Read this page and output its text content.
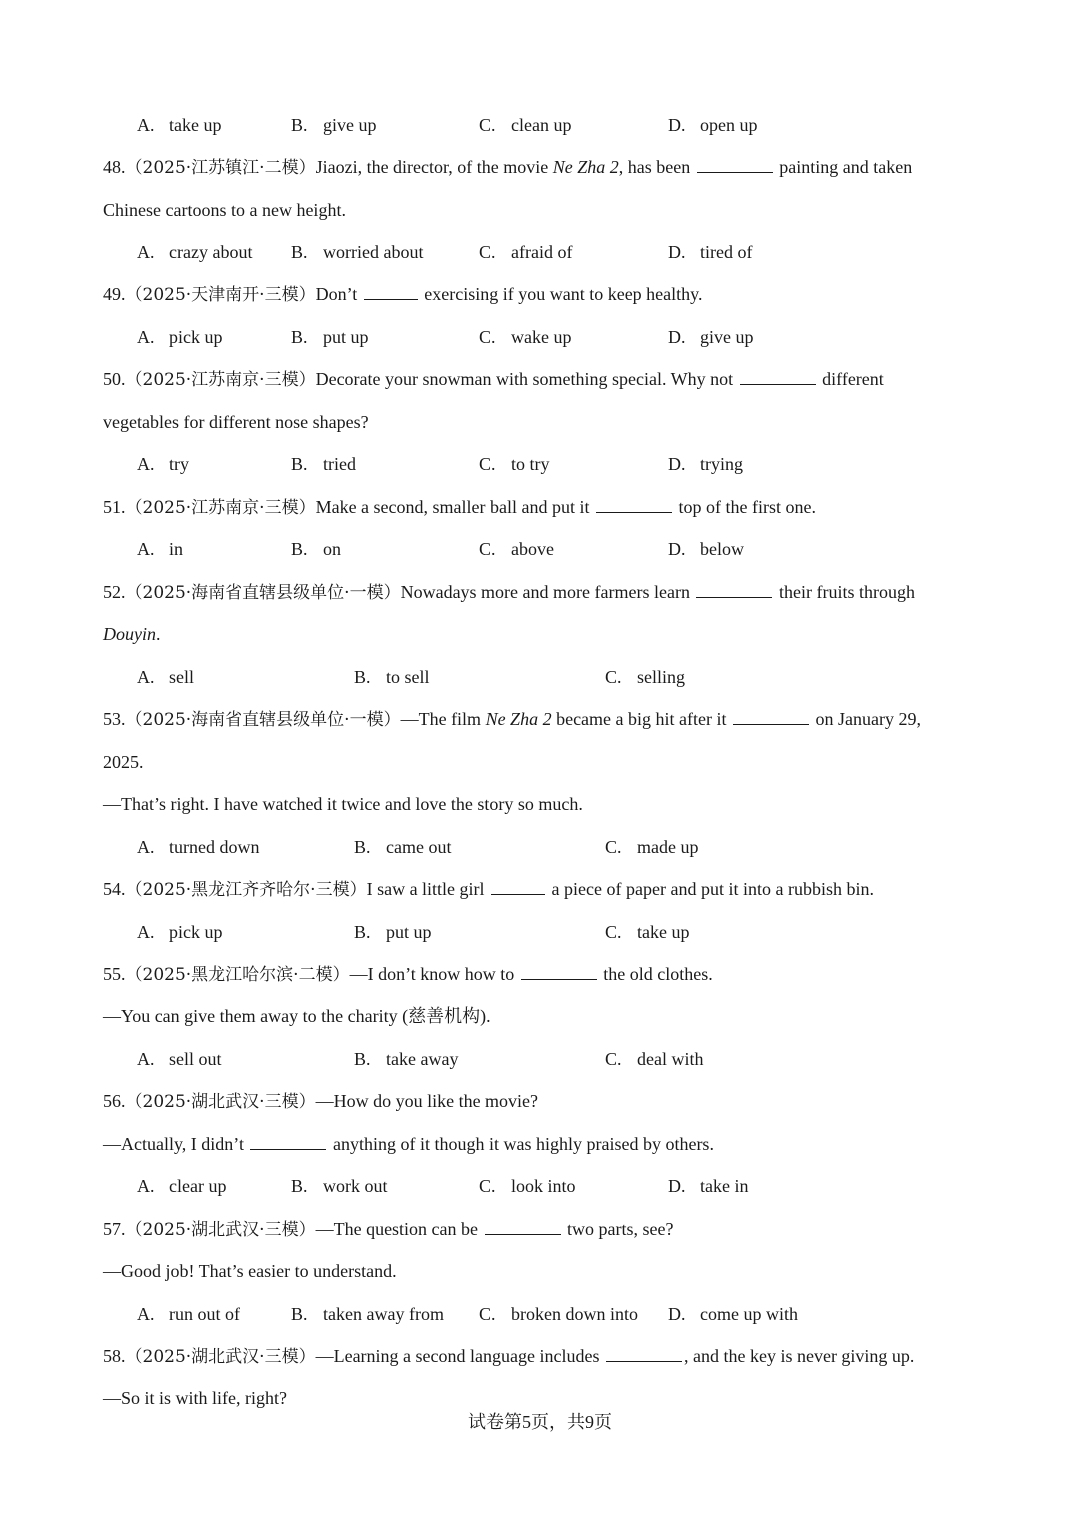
A. take up	B. give up	C. clean up	D. open up
48.（2025·江苏镇江·二模）Jiaozi, the director, of the movie Ne Zha 2, has been	painting and taken
Chinese cartoons to a new height.
A. crazy about B. worried about	C. afraid of	D. tired of
49.（2025·天津南开·三模）Don’t	exercising if you want to keep healthy.
A. pick up	B. put up	C. wake up	D. give up
50.（2025·江苏南京·三模）Decorate your snowman with something special. Why not	different
vegetables for different nose shapes?
A. try	B. tried	C. to try	D. trying
51.（2025·江苏南京·三模）Make a second, smaller ball and put it	top of the first one.
A. in	B. on	C. above	D. below
52.（2025·海南省直辖县级单位·一模）Nowadays more and more farmers learn	their fruits through
Douyin.
A. sell	B. to sell	C. selling
53.（2025·海南省直辖县级单位·一模）—The film Ne Zha 2 became a big hit after it	on January 29,
2025.
—That’s right. I have watched it twice and love the story so much.
A. turned down	B. came out	C. made up
54.（2025·黑龙江齐齐哈尔·三模）I saw a little girl	a piece of paper and put it into a rubbish bin.
A. pick up	B. put up	C. take up
55.（2025·黑龙江哈尔滨·二模）—I don’t know how to	the old clothes.
—You can give them away to the charity (慈善机构).
A. sell out	B. take away	C. deal with
56.（2025·湖北武汉·三模）—How do you like the movie?
—Actually, I didn’t	anything of it though it was highly praised by others.
A. clear up	B. work out	C. look into	D. take in
57.（2025·湖北武汉·三模）—The question can be	two parts, see?
—Good job! That’s easier to understand.
A. run out of	B. taken away from C. broken down into D. come up with
58.（2025·湖北武汉·三模）—Learning a second language includes	, and the key is never giving up.
—So it is with life, right?
试卷第5页，共9页
